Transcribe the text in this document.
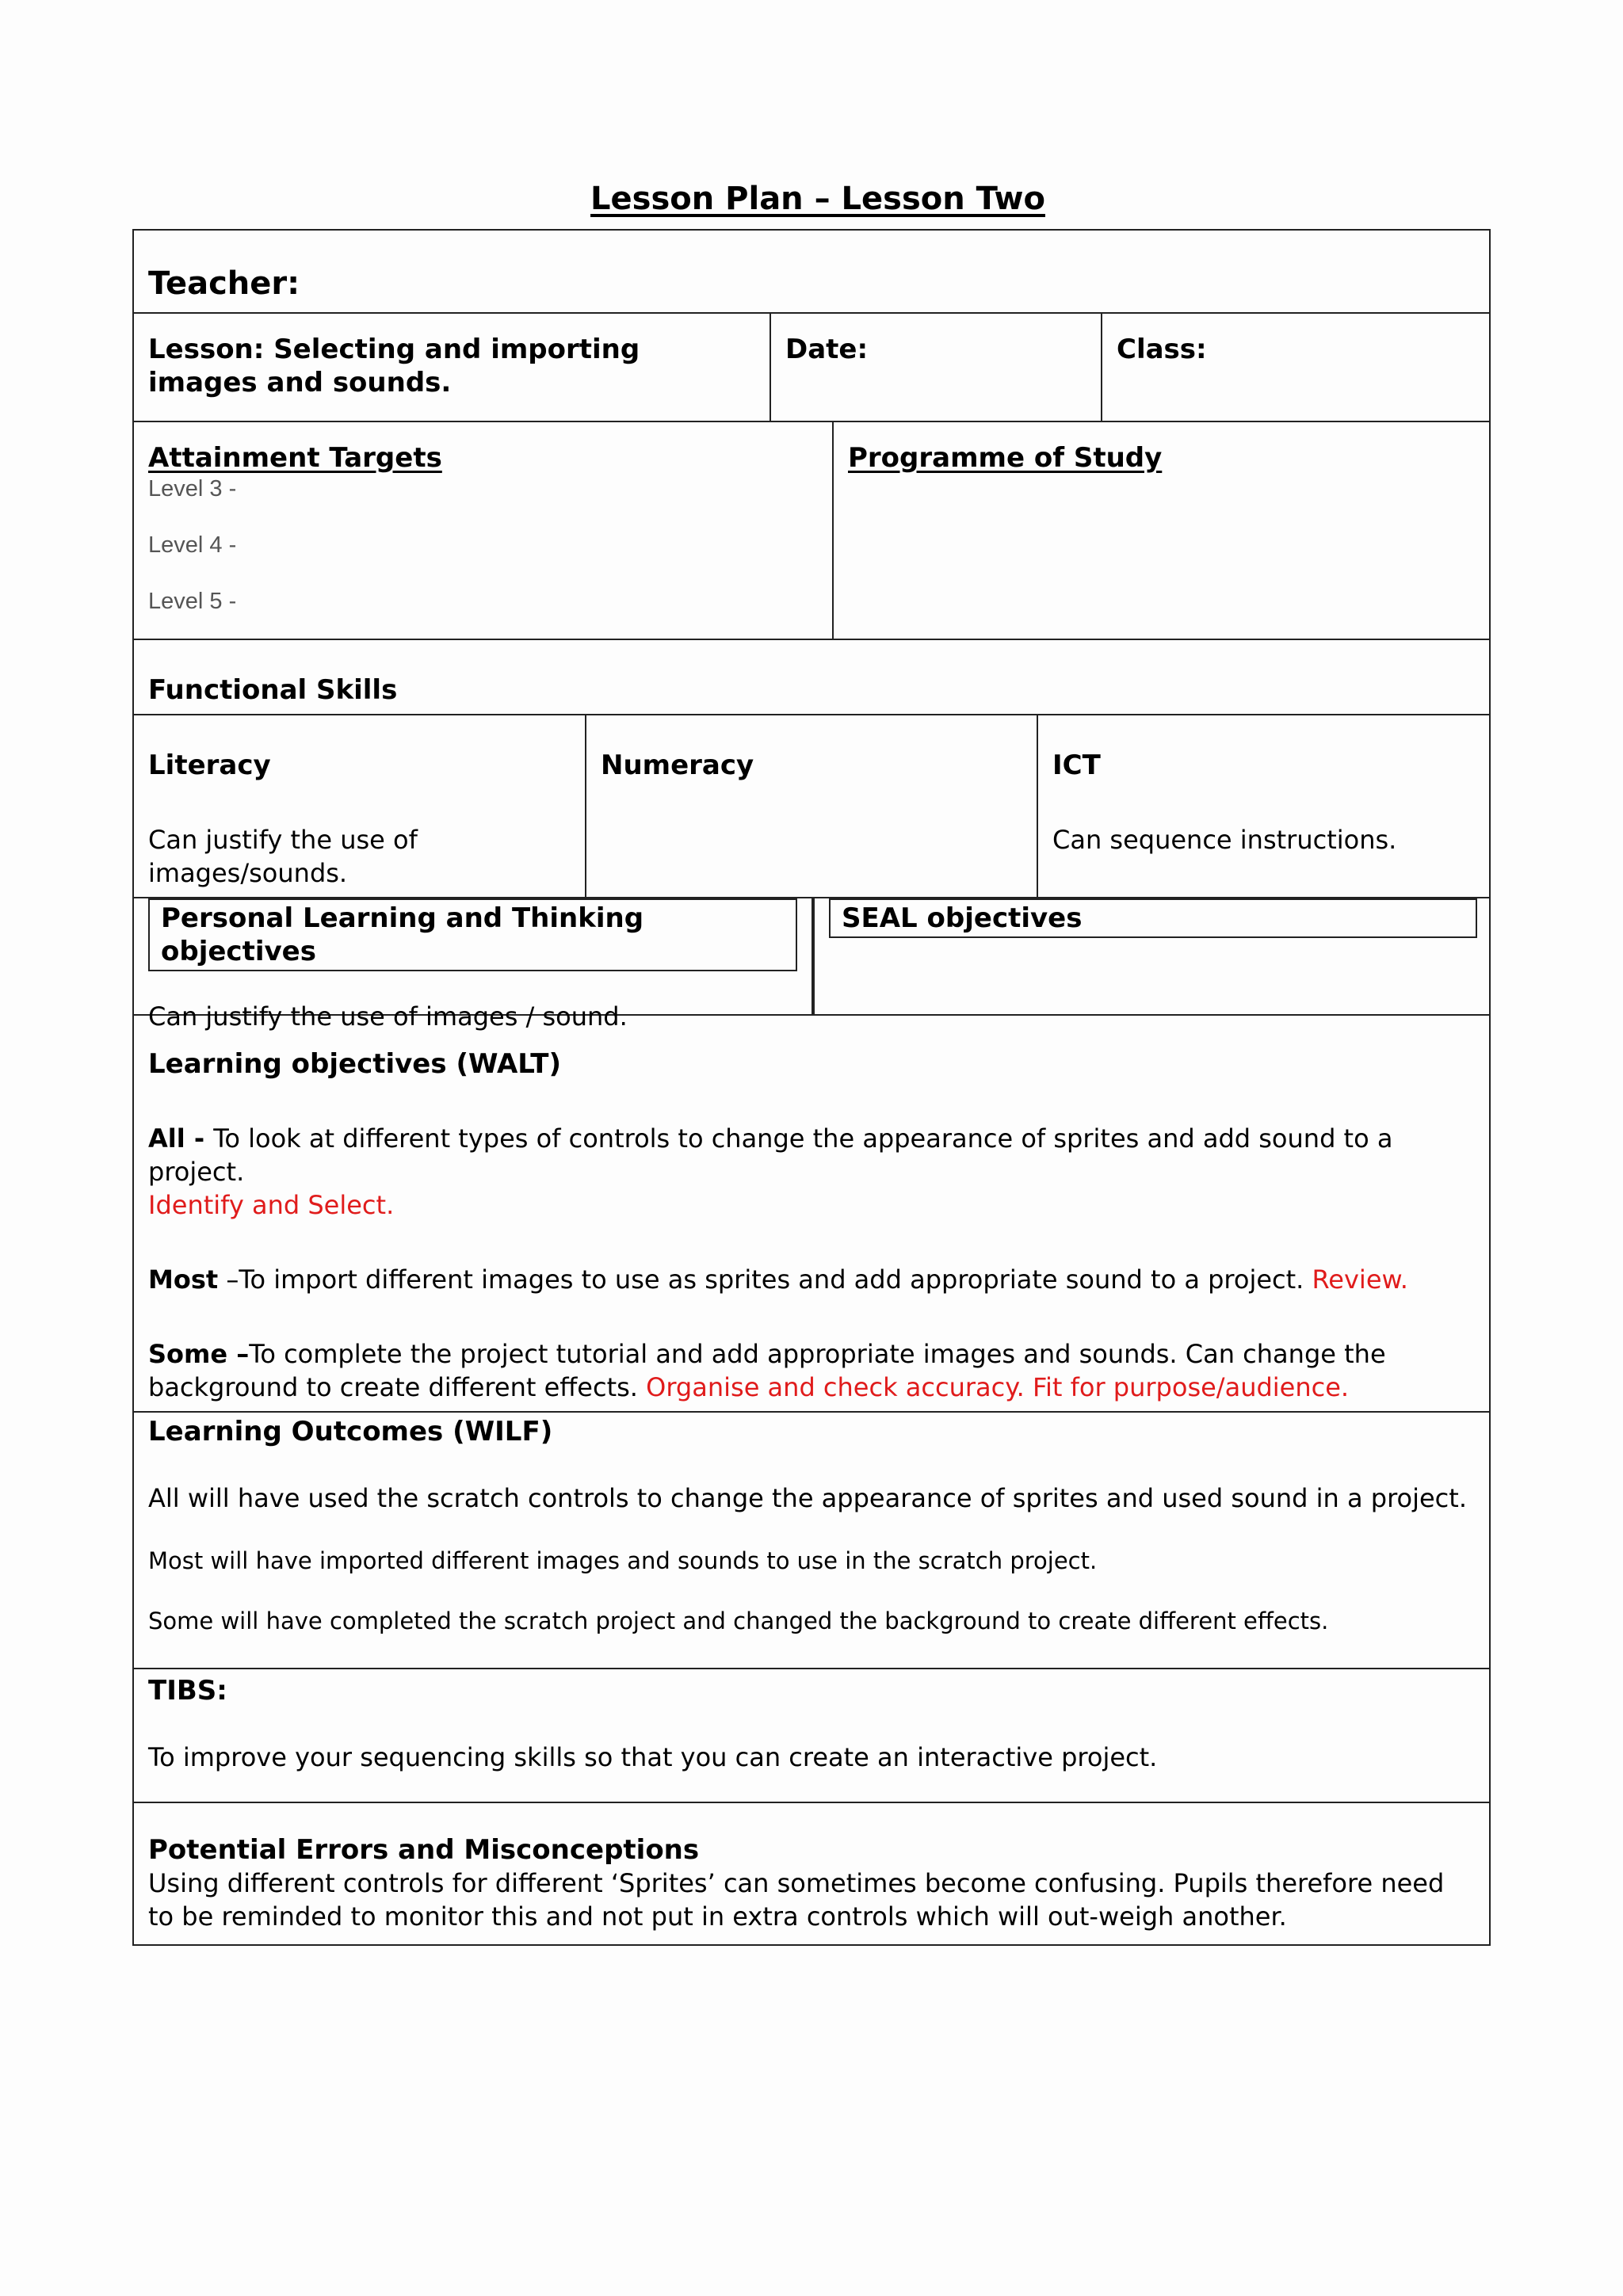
Lesson Plan – Lesson Two
Teacher:
Lesson: Selecting and importing images and sounds.
Date:	Class:
Attainment Targets
Level 3 -
Level 4 -
Level 5 -
Programme of Study
Functional Skills
Literacy
Can justify the use of images/sounds.
Numeracy	ICT
Can sequence instructions.
Personal Learning and Thinking objectives
Can justify the use of images / sound.
SEAL objectives
Learning objectives (WALT)
All - To look at different types of controls to change the appearance of sprites and add sound to a project.
Identify and Select.
Most –To import different images to use as sprites and add appropriate sound to a project. Review.
Some –To complete the project tutorial and add appropriate images and sounds. Can change the background to create different effects. Organise and check accuracy. Fit for purpose/audience.
Learning Outcomes (WILF)
All will have used the scratch controls to change the appearance of sprites and used sound in a project.
Most will have imported different images and sounds to use in the scratch project.
Some will have completed the scratch project and changed the background to create different effects.
TIBS:
To improve your sequencing skills so that you can create an interactive project.
Potential Errors and Misconceptions
Using different controls for different ‘Sprites’ can sometimes become confusing. Pupils therefore need to be reminded to monitor this and not put in extra controls which will out-weigh another.
